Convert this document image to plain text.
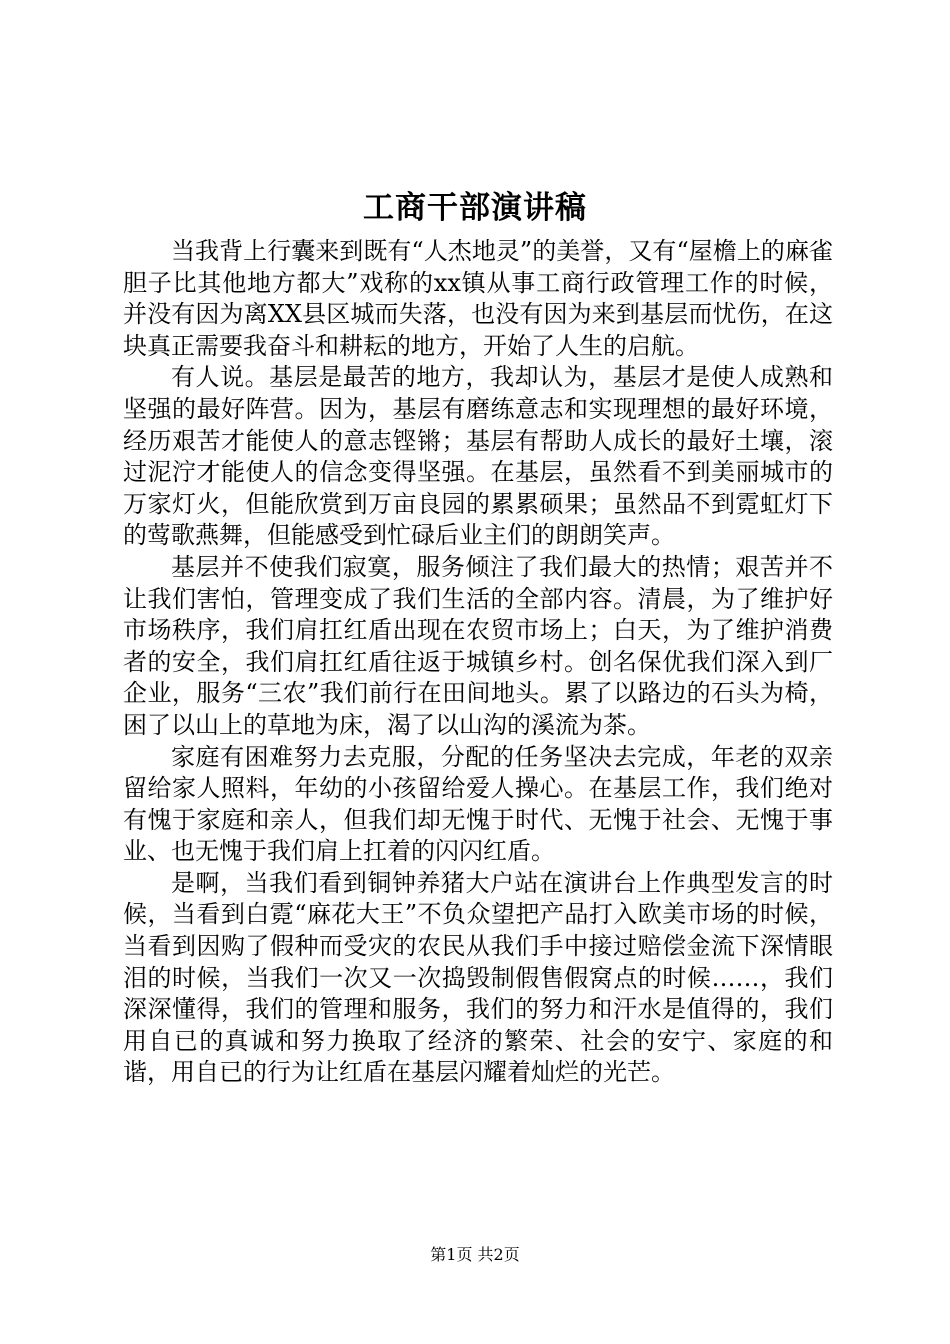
工商干部演讲稿

当我背上行囊来到既有“人杰地灵”的美誉，又有“屋檐上的麻雀胆子比其他地方都大”戏称的xx镇从事工商行政管理工作的时候，并没有因为离XX县区城而失落，也没有因为来到基层而忧伤，在这块真正需要我奋斗和耕耘的地方，开始了人生的启航。

有人说。基层是最苦的地方，我却认为，基层才是使人成熟和坚强的最好阵营。因为，基层有磨练意志和实现理想的最好环境，经历艰苦才能使人的意志铿锵；基层有帮助人成长的最好土壤，滚过泥泞才能使人的信念变得坚强。在基层，虽然看不到美丽城市的万家灯火，但能欣赏到万亩良园的累累硕果；虽然品不到霓虹灯下的莺歌燕舞，但能感受到忙碌后业主们的朗朗笑声。

基层并不使我们寂寞，服务倾注了我们最大的热情；艰苦并不让我们害怕，管理变成了我们生活的全部内容。清晨，为了维护好市场秩序，我们肩扛红盾出现在农贸市场上；白天，为了维护消费者的安全，我们肩扛红盾往返于城镇乡村。创名保优我们深入到厂企业，服务“三农”我们前行在田间地头。累了以路边的石头为椅，困了以山上的草地为床，渴了以山沟的溪流为茶。

家庭有困难努力去克服，分配的任务坚决去完成，年老的双亲留给家人照料，年幼的小孩留给爱人操心。在基层工作，我们绝对有愧于家庭和亲人，但我们却无愧于时代、无愧于社会、无愧于事业、也无愧于我们肩上扛着的闪闪红盾。

是啊，当我们看到铜钟养猪大户站在演讲台上作典型发言的时候，当看到白霓“麻花大王”不负众望把产品打入欧美市场的时候，当看到因购了假种而受灾的农民从我们手中接过赔偿金流下深情眼泪的时候，当我们一次又一次捣毁制假售假窝点的时候……，我们深深懂得，我们的管理和服务，我们的努力和汗水是值得的，我们用自已的真诚和努力换取了经济的繁荣、社会的安宁、家庭的和谐，用自已的行为让红盾在基层闪耀着灿烂的光芒。

第1页 共2页
